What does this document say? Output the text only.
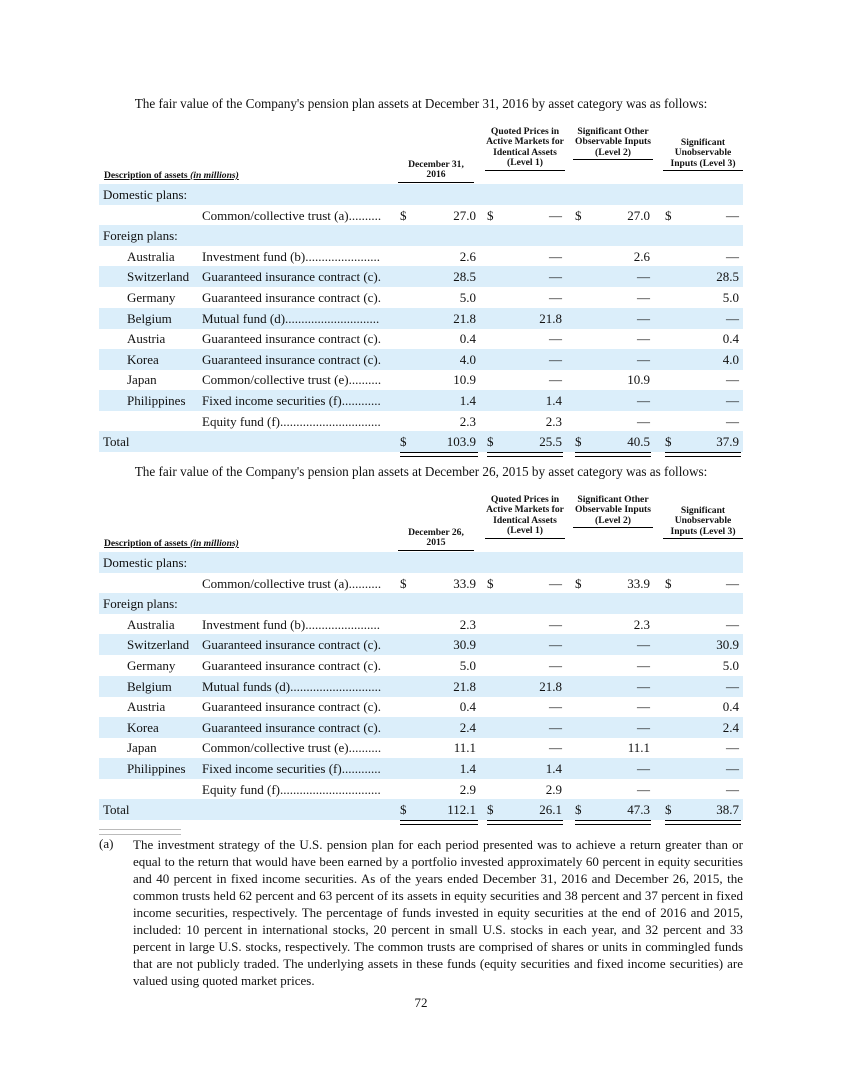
The fair value of the Company's pension plan assets at December 31, 2016 by asset category was as follows:
Description of assets (in millions)
December 31, 2016
Quoted Prices in Active Markets for Identical Assets (Level 1)
Significant Other Observable Inputs (Level 2)
Significant Unobservable Inputs (Level 3)
Domestic plans:
Common/collective trust (a)..........	$	27.0 $	— $	27.0 $	—
Foreign plans:
Australia Investment fund (b).......................	2.6	—	2.6	—
Switzerland Guaranteed insurance contract (c).	28.5	—	—	28.5
Germany Guaranteed insurance contract (c).	5.0	—	—	5.0
Belgium Mutual fund (d).............................	21.8	21.8	—	—
Austria	Guaranteed insurance contract (c).	0.4	—	—	0.4
Korea	Guaranteed insurance contract (c).	4.0	—	—	4.0
Japan	Common/collective trust (e)..........	10.9	—	10.9	—
Philippines Fixed income securities (f)............	1.4	1.4	—	—
Equity fund (f)...............................	2.3	2.3	—	—
Total	$	103.9 $	25.5 $	40.5 $	37.9
The fair value of the Company's pension plan assets at December 26, 2015 by asset category was as follows:
Description of assets (in millions)
December 26, 2015
Quoted Prices in Active Markets for Identical Assets (Level 1)
Significant Other Observable Inputs (Level 2)
Significant Unobservable Inputs (Level 3)
Domestic plans:
Common/collective trust (a)..........	$	33.9 $	— $	33.9 $	—
Foreign plans:
Australia Investment fund (b).......................	2.3	—	2.3	—
Switzerland Guaranteed insurance contract (c).	30.9	—	—	30.9
Germany Guaranteed insurance contract (c).	5.0	—	—	5.0
Belgium Mutual funds (d)............................	21.8	21.8	—	—
Austria	Guaranteed insurance contract (c).	0.4	—	—	0.4
Korea	Guaranteed insurance contract (c).	2.4	—	—	2.4
Japan	Common/collective trust (e)..........	11.1	—	11.1	—
Philippines Fixed income securities (f)............	1.4	1.4	—	—
Equity fund (f)...............................	2.9	2.9	—	—
Total	$	112.1 $	26.1 $	47.3 $	38.7
(a) The investment strategy of the U.S. pension plan for each period presented was to achieve a return greater than or equal to the return that would have been earned by a portfolio invested approximately 60 percent in equity securities and 40 percent in fixed income securities. As of the years ended December 31, 2016 and December 26, 2015, the common trusts held 62 percent and 63 percent of its assets in equity securities and 38 percent and 37 percent in fixed income securities, respectively. The percentage of funds invested in equity securities at the end of 2016 and 2015, included: 10 percent in international stocks, 20 percent in small U.S. stocks in each year, and 32 percent and 33 percent in large U.S. stocks, respectively. The common trusts are comprised of shares or units in commingled funds that are not publicly traded. The underlying assets in these funds (equity securities and fixed income securities) are valued using quoted market prices.
72
